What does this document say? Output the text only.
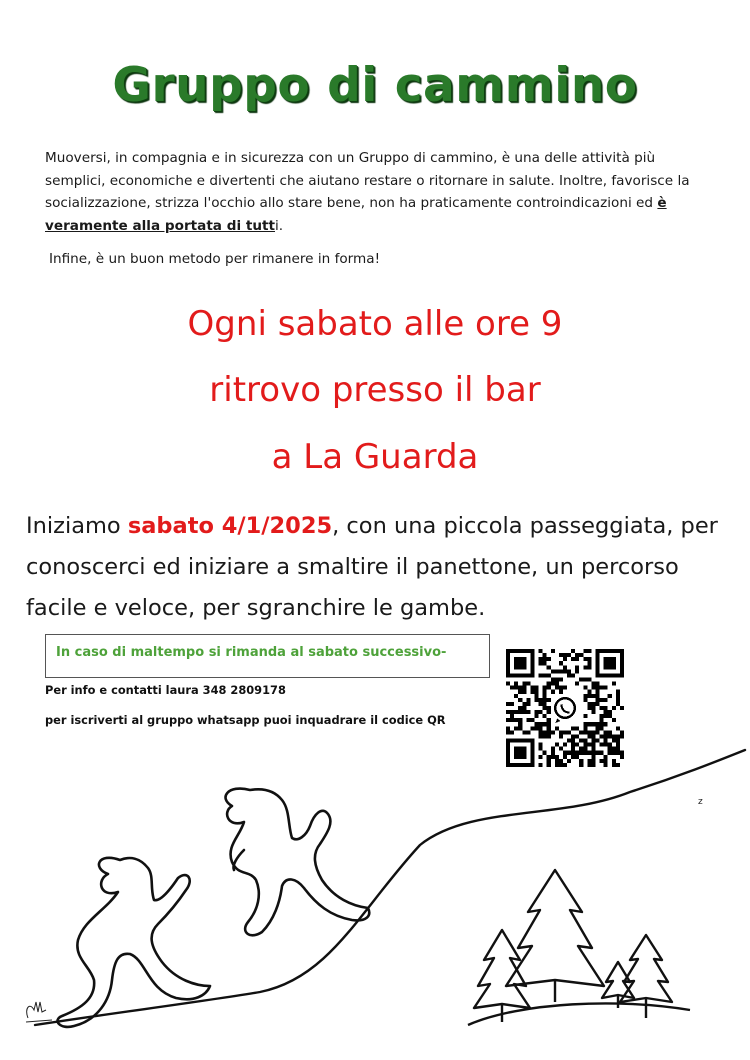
Gruppo di cammino
Muoversi, in compagnia e in sicurezza con un Gruppo di cammino, è una delle attività più semplici, economiche e divertenti che aiutano restare o ritornare in salute. Inoltre, favorisce la socializzazione, strizza l'occhio allo stare bene, non ha praticamente controindicazioni ed è veramente alla portata di tutti.
Infine, è un buon metodo per rimanere in forma!
Ogni sabato alle ore 9
ritrovo presso il bar
a La Guarda
Iniziamo sabato 4/1/2025, con una piccola passeggiata, per conoscerci ed iniziare a smaltire il panettone, un percorso facile e veloce, per sgranchire le gambe.
In caso di maltempo si rimanda al sabato successivo-
Per info e contatti laura 348 2809178
per iscriverti al gruppo whatsapp puoi inquadrare il codice QR
z
